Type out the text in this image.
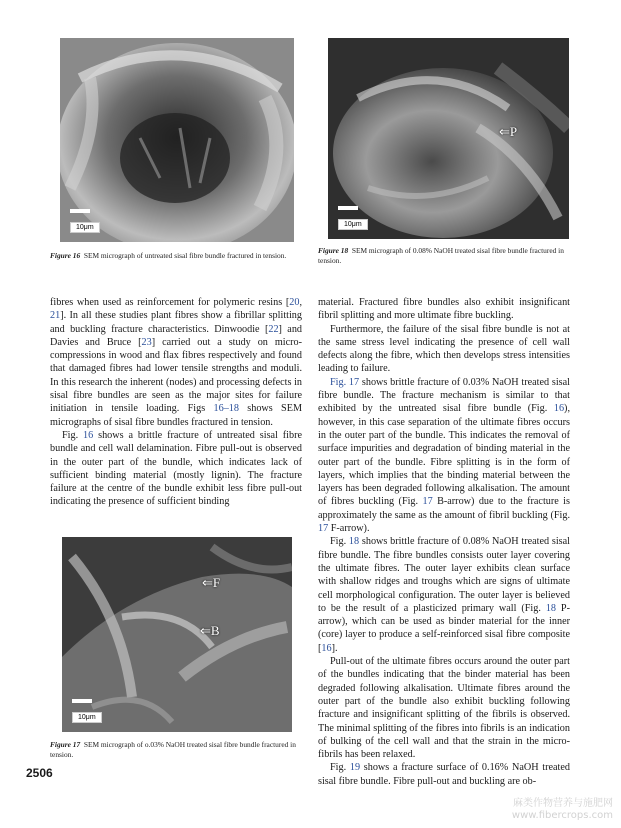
10μm
Figure 16 SEM micrograph of untreated sisal fibre bundle fractured in tension.
⇐P
10μm
Figure 18 SEM micrograph of 0.08% NaOH treated sisal fibre bundle fractured in tension.
⇐F
⇐B
10μm
Figure 17 SEM micrograph of o.03% NaOH treated sisal fibre bundle fractured in tension.

fibres when used as reinforcement for polymeric resins [20, 21]. In all these studies plant fibres show a fibrillar splitting and buckling fracture characteristics. Dinwoodie [22] and Davies and Bruce [23] carried out a study on micro-compressions in wood and flax fibres respectively and found that damaged fibres had lower tensile strengths and moduli. In this research the inherent (nodes) and processing defects in sisal fibre bundles are seen as the major sites for failure initiation in tensile loading. Figs 16–18 shows SEM micrographs of sisal fibre bundles fractured in tension.

Fig. 16 shows a brittle fracture of untreated sisal fibre bundle and cell wall delamination. Fibre pull-out is observed in the outer part of the bundle, which indicates lack of sufficient binding material (mostly lignin). The fracture failure at the centre of the bundle exhibit less fibre pull-out indicating the presence of sufficient binding

material. Fractured fibre bundles also exhibit insignificant fibril splitting and more ultimate fibre buckling.

Furthermore, the failure of the sisal fibre bundle is not at the same stress level indicating the presence of cell wall defects along the fibre, which then develops stress intensities leading to failure.

Fig. 17 shows brittle fracture of 0.03% NaOH treated sisal fibre bundle. The fracture mechanism is similar to that exhibited by the untreated sisal fibre bundle (Fig. 16), however, in this case separation of the ultimate fibres occurs in the outer part of the bundle. This indicates the removal of surface impurities and degradation of binding material in the outer part of the bundle. Fibre splitting is in the form of layers, which implies that the binding material between the layers has been degraded following alkalisation. The amount of fibres buckling (Fig. 17 B-arrow) due to the fracture is approximately the same as the amount of fibril buckling (Fig. 17 F-arrow).

Fig. 18 shows brittle fracture of 0.08% NaOH treated sisal fibre bundle. The fibre bundles consists outer layer covering the ultimate fibres. The outer layer exhibits clean surface with shallow ridges and troughs which are signs of ultimate cell morphological configuration. The outer layer is believed to be the result of a plasticized primary wall (Fig. 18 P-arrow), which can be used as binder material for the inner (core) layer to produce a self-reinforced sisal fibre composite [16].

Pull-out of the ultimate fibres occurs around the outer part of the bundles indicating that the binder material has been degraded following alkalisation. Ultimate fibres around the outer part of the bundle also exhibit buckling following fracture and insignificant splitting of the fibrils is observed. The minimal splitting of the fibres into fibrils is an indication of bulking of the cell wall and that the strain in the micro-fibrils has been relaxed.

Fig. 19 shows a fracture surface of 0.16% NaOH treated sisal fibre bundle. Fibre pull-out and buckling are ob-

2506
麻类作物营养与施肥网
www.fibercrops.com
